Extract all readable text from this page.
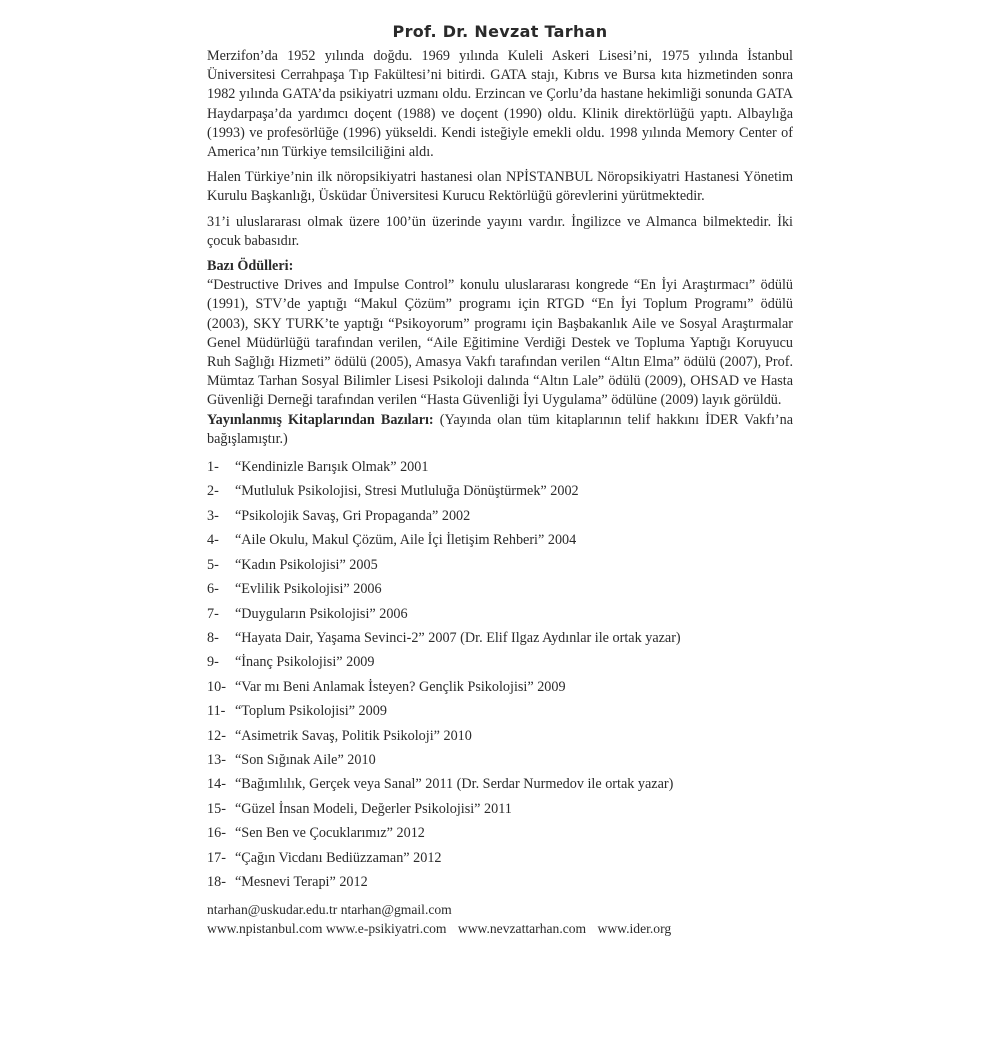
Prof. Dr. Nevzat Tarhan

Merzifon’da 1952 yılında doğdu. 1969 yılında Kuleli Askeri Lisesi’ni, 1975 yılında İstanbul Üniversitesi Cerrahpaşa Tıp Fakültesi’ni bitirdi. GATA stajı, Kıbrıs ve Bursa kıta hizmetinden sonra 1982 yılında GATA’da psikiyatri uzmanı oldu. Erzincan ve Çorlu’da hastane hekimliği sonunda GATA Haydarpaşa’da yardımcı doçent (1988) ve doçent (1990) oldu. Klinik direktörlüğü yaptı. Albaylığa (1993) ve profesörlüğe (1996) yükseldi. Kendi isteğiyle emekli oldu. 1998 yılında Memory Center of America’nın Türkiye temsilciliğini aldı.

Halen Türkiye’nin ilk nöropsikiyatri hastanesi olan NPİSTANBUL Nöropsikiyatri Hastanesi Yönetim Kurulu Başkanlığı, Üsküdar Üniversitesi Kurucu Rektörlüğü görevlerini yürütmektedir.

31’i uluslararası olmak üzere 100’ün üzerinde yayını vardır. İngilizce ve Almanca bilmektedir. İki çocuk babasıdır.

Bazı Ödülleri:

“Destructive Drives and Impulse Control” konulu uluslararası kongrede “En İyi Araştırmacı” ödülü (1991), STV’de yaptığı “Makul Çözüm” programı için RTGD “En İyi Toplum Programı” ödülü (2003), SKY TURK’te yaptığı “Psikoyorum” programı için Başbakanlık Aile ve Sosyal Araştırmalar Genel Müdürlüğü tarafından verilen, “Aile Eğitimine Verdiği Destek ve Topluma Yaptığı Koruyucu Ruh Sağlığı Hizmeti” ödülü (2005), Amasya Vakfı tarafından verilen “Altın Elma” ödülü (2007), Prof. Mümtaz Tarhan Sosyal Bilimler Lisesi Psikoloji dalında “Altın Lale” ödülü (2009), OHSAD ve Hasta Güvenliği Derneği tarafından verilen “Hasta Güvenliği İyi Uygulama” ödülüne (2009) layık görüldü.

Yayınlanmış Kitaplarından Bazıları: (Yayında olan tüm kitaplarının telif hakkını İDER Vakfı’na bağışlamıştır.)

1-	“Kendinizle Barışık Olmak” 2001
2-	“Mutluluk Psikolojisi, Stresi Mutluluğa Dönüştürmek” 2002
3-	“Psikolojik Savaş, Gri Propaganda” 2002
4-	“Aile Okulu, Makul Çözüm, Aile İçi İletişim Rehberi” 2004
5-	“Kadın Psikolojisi” 2005
6-	“Evlilik Psikolojisi” 2006
7-	“Duyguların Psikolojisi” 2006
8-	“Hayata Dair, Yaşama Sevinci-2” 2007 (Dr. Elif Ilgaz Aydınlar ile ortak yazar)
9-	“İnanç Psikolojisi” 2009
10- “Var mı Beni Anlamak İsteyen? Gençlik Psikolojisi” 2009
11- “Toplum Psikolojisi” 2009
12- “Asimetrik Savaş, Politik Psikoloji” 2010
13- “Son Sığınak Aile” 2010
14- “Bağımlılık, Gerçek veya Sanal” 2011 (Dr. Serdar Nurmedov ile ortak yazar)
15- “Güzel İnsan Modeli, Değerler Psikolojisi” 2011
16- “Sen Ben ve Çocuklarımız” 2012
17- “Çağın Vicdanı Bediüzzaman” 2012
18- “Mesnevi Terapi” 2012
ntarhan@uskudar.edu.tr ntarhan@gmail.com
www.npistanbul.com www.e-psikiyatri.com www.nevzattarhan.com www.ider.org
